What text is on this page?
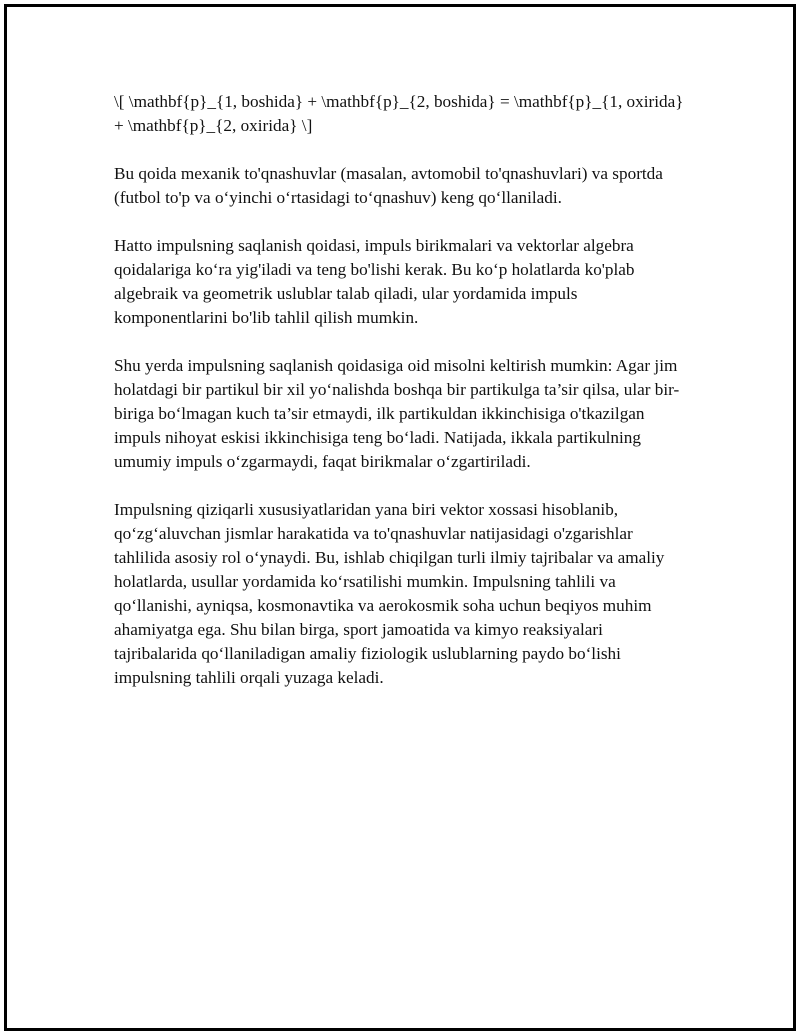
\[ \mathbf{p}_{1, boshida} + \mathbf{p}_{2, boshida} = \mathbf{p}_{1, oxirida} + \mathbf{p}_{2, oxirida} \]

Bu qoida mexanik to'qnashuvlar (masalan, avtomobil to'qnashuvlari) va sportda (futbol to'p va o‘yinchi o‘rtasidagi to‘qnashuv) keng qo‘llaniladi.

Hatto impulsning saqlanish qoidasi, impuls birikmalari va vektorlar algebra qoidalariga ko‘ra yig'iladi va teng bo'lishi kerak. Bu ko‘p holatlarda ko'plab algebraik va geometrik uslublar talab qiladi, ular yordamida impuls komponentlarini bo'lib tahlil qilish mumkin.

Shu yerda impulsning saqlanish qoidasiga oid misolni keltirish mumkin: Agar jim holatdagi bir partikul bir xil yo‘nalishda boshqa bir partikulga ta’sir qilsa, ular bir-biriga bo‘lmagan kuch ta’sir etmaydi, ilk partikuldan ikkinchisiga o'tkazilgan impuls nihoyat eskisi ikkinchisiga teng bo‘ladi. Natijada, ikkala partikulning umumiy impuls o‘zgarmaydi, faqat birikmalar o‘zgartiriladi.

Impulsning qiziqarli xususiyatlaridan yana biri vektor xossasi hisoblanib, qo‘zg‘aluvchan jismlar harakatida va to'qnashuvlar natijasidagi o'zgarishlar tahlilida asosiy rol o‘ynaydi. Bu, ishlab chiqilgan turli ilmiy tajribalar va amaliy holatlarda, usullar yordamida ko‘rsatilishi mumkin. Impulsning tahlili va qo‘llanishi, ayniqsa, kosmonavtika va aerokosmik soha uchun beqiyos muhim ahamiyatga ega. Shu bilan birga, sport jamoatida va kimyo reaksiyalari tajribalarida qo‘llaniladigan amaliy fiziologik uslublarning paydo bo‘lishi impulsning tahlili orqali yuzaga keladi.
